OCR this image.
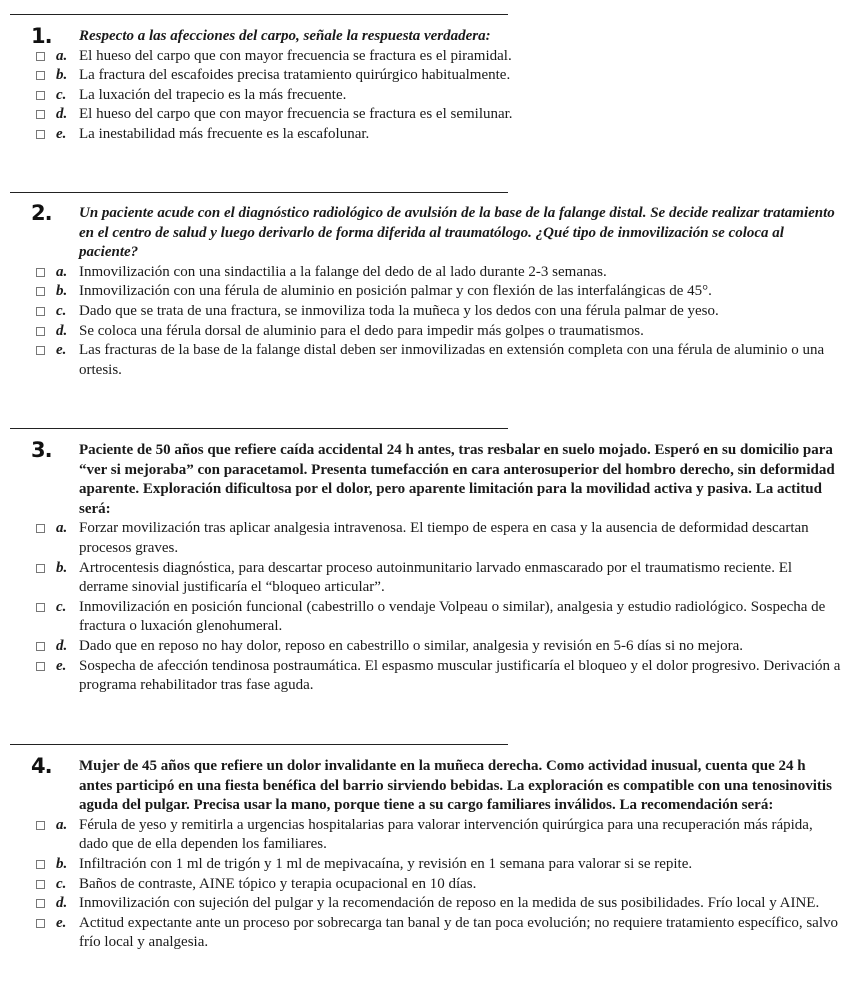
1. Respecto a las afecciones del carpo, señale la respuesta verdadera:
a. El hueso del carpo que con mayor frecuencia se fractura es el piramidal.
b. La fractura del escafoides precisa tratamiento quirúrgico habitualmente.
c. La luxación del trapecio es la más frecuente.
d. El hueso del carpo que con mayor frecuencia se fractura es el semilunar.
e. La inestabilidad más frecuente es la escafolunar.
2. Un paciente acude con el diagnóstico radiológico de avulsión de la base de la falange distal. Se decide realizar tratamiento en el centro de salud y luego derivarlo de forma diferida al traumatólogo. ¿Qué tipo de inmovilización se coloca al paciente?
a. Inmovilización con una sindactilia a la falange del dedo de al lado durante 2-3 semanas.
b. Inmovilización con una férula de aluminio en posición palmar y con flexión de las interfalángicas de 45°.
c. Dado que se trata de una fractura, se inmoviliza toda la muñeca y los dedos con una férula palmar de yeso.
d. Se coloca una férula dorsal de aluminio para el dedo para impedir más golpes o traumatismos.
e. Las fracturas de la base de la falange distal deben ser inmovilizadas en extensión completa con una férula de aluminio o una ortesis.
3. Paciente de 50 años que refiere caída accidental 24 h antes, tras resbalar en suelo mojado. Esperó en su domicilio para “ver si mejoraba” con paracetamol. Presenta tumefacción en cara anterosuperior del hombro derecho, sin deformidad aparente. Exploración dificultosa por el dolor, pero aparente limitación para la movilidad activa y pasiva. La actitud será:
a. Forzar movilización tras aplicar analgesia intravenosa. El tiempo de espera en casa y la ausencia de deformidad descartan procesos graves.
b. Artrocentesis diagnóstica, para descartar proceso autoinmunitario larvado enmascarado por el traumatismo reciente. El derrame sinovial justificaría el “bloqueo articular”.
c. Inmovilización en posición funcional (cabestrillo o vendaje Volpeau o similar), analgesia y estudio radiológico. Sospecha de fractura o luxación glenohumeral.
d. Dado que en reposo no hay dolor, reposo en cabestrillo o similar, analgesia y revisión en 5-6 días si no mejora.
e. Sospecha de afección tendinosa postraumática. El espasmo muscular justificaría el bloqueo y el dolor progresivo. Derivación a programa rehabilitador tras fase aguda.
4. Mujer de 45 años que refiere un dolor invalidante en la muñeca derecha. Como actividad inusual, cuenta que 24 h antes participó en una fiesta benéfica del barrio sirviendo bebidas. La exploración es compatible con una tenosinovitis aguda del pulgar. Precisa usar la mano, porque tiene a su cargo familiares inválidos. La recomendación será:
a. Férula de yeso y remitirla a urgencias hospitalarias para valorar intervención quirúrgica para una recuperación más rápida, dado que de ella dependen los familiares.
b. Infiltración con 1 ml de trigón y 1 ml de mepivacaína, y revisión en 1 semana para valorar si se repite.
c. Baños de contraste, AINE tópico y terapia ocupacional en 10 días.
d. Inmovilización con sujeción del pulgar y la recomendación de reposo en la medida de sus posibilidades. Frío local y AINE.
e. Actitud expectante ante un proceso por sobrecarga tan banal y de tan poca evolución; no requiere tratamiento específico, salvo frío local y analgesia.
